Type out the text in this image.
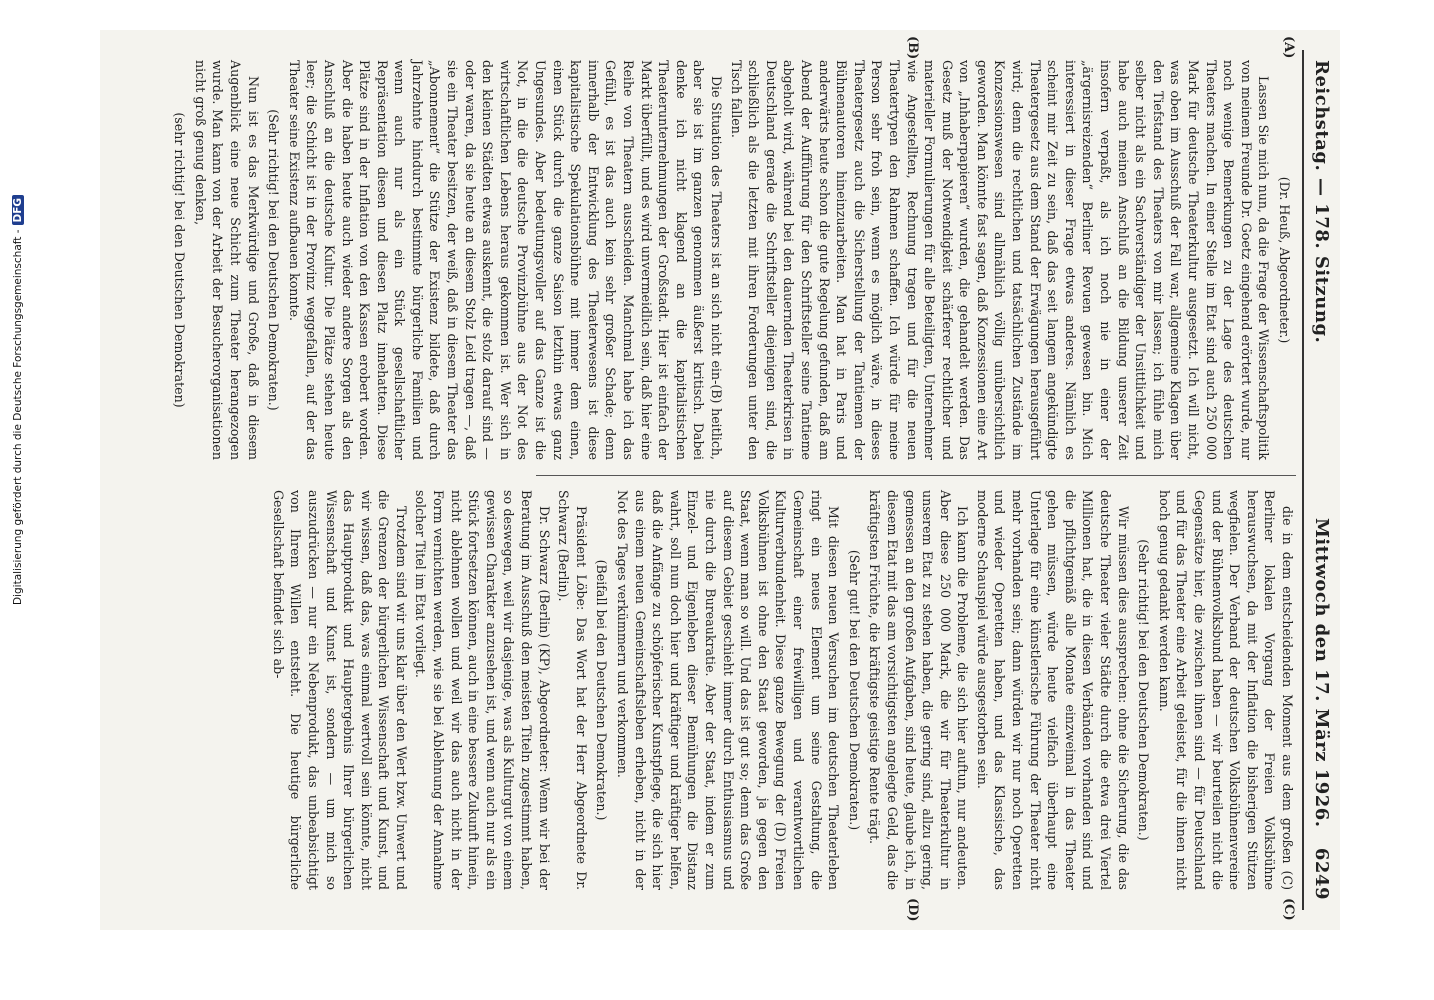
Reichstag. — 178. Sitzung.
Mittwoch den 17. März 1926.   6249

(Dr. Heuß, Abgeordneter.)

Lassen Sie mich nun, da die Frage der Wissenschaftspolitik von meinem Freunde Dr. Goetz eingehend erörtert wurde, nur noch wenige Bemerkungen zu der Lage des deutschen Theaters machen. In einer Stelle im Etat sind auch 250 000 Mark für deutsche Theaterkultur ausgesetzt. Ich will nicht, was oben im Ausschuß der Fall war, allgemeine Klagen über den Tiefstand des Theaters von mir lassen; ich fühle mich selber nicht als ein Sachverständiger der Unsittlichkeit und habe auch meinen Anschluß an die Bildung unserer Zeit insofern verpaßt, als ich noch nie in einer der „ärgernisreizenden“ Berliner Revuen gewesen bin. Mich interessiert in dieser Frage etwas anderes. Nämlich es scheint mir Zeit zu sein, daß das seit langem angekündigte Theatergesetz aus dem Stand der Erwägungen herausgeführt wird; denn die rechtlichen und tatsächlichen Zustände im Konzessionswesen sind allmählich völlig unübersichtlich geworden. Man könnte fast sagen, daß Konzessionen eine Art von „Inhaberpapieren“ wurden, die gehandelt werden. Das Gesetz muß der Notwendigkeit schärferer rechtlicher und materieller Formulierungen für alle Beteiligten, Unternehmer wie Angestellten, Rechnung tragen und für die neuen Theatertypen den Rahmen schaffen. Ich würde für meine Person sehr froh sein, wenn es möglich wäre, in dieses Theatergesetz auch die Sicherstellung der Tantiemen der Bühnenautoren hineinzuarbeiten. Man hat in Paris und anderwärts heute schon die gute Regelung gefunden, daß am Abend der Aufführung für den Schriftsteller seine Tantieme abgeholt wird, während bei den dauernden Theaterkrisen in Deutschland gerade die Schriftsteller diejenigen sind, die schließlich als die letzten mit ihren Forderungen unter den Tisch fallen.

Die Situation des Theaters ist an sich nicht ein-(B) heitlich, aber sie ist im ganzen genommen äußerst kritisch. Dabei denke ich nicht klagend an die kapitalistischen Theaterunternehmungen der Großstadt. Hier ist einfach der Markt überfüllt, und es wird unvermeidlich sein, daß hier eine Reihe von Theatern ausscheiden. Manchmal habe ich das Gefühl, es ist das auch kein sehr großer Schade; denn innerhalb der Entwicklung des Theaterwesens ist diese kapitalistische Spekulationsbühne mit immer dem einen, einen Stück durch die ganze Saison letzthin etwas ganz Ungesundes. Aber bedeutungsvoller auf das Ganze ist die Not, in die die deutsche Provinzbühne aus der Not des wirtschaftlichen Lebens heraus gekommen ist. Wer sich in den kleinen Städten etwas auskennt, die stolz darauf sind — oder waren, da sie heute an diesem Stolz Leid tragen —, daß sie ein Theater besitzen, der weiß, daß in diesem Theater das „Abonnement“ die Stütze der Existenz bildete, daß durch Jahrzehnte hindurch bestimmte bürgerliche Familien und wenn auch nur als ein Stück gesellschaftlicher Repräsentation diesen und diesen Platz innehatten. Diese Plätze sind in der Inflation von den Kassen erobert worden. Aber die haben heute auch wieder andere Sorgen als den Anschluß an die deutsche Kultur. Die Plätze stehen heute leer; die Schicht ist in der Provinz weggefallen, auf der das Theater seine Existenz aufbauen konnte.

(Sehr richtig! bei den Deutschen Demokraten.)

Nun ist es das Merkwürdige und Große, daß in diesem Augenblick eine neue Schicht zum Theater herangezogen wurde. Man kann von der Arbeit der Besucherorganisationen nicht groß genug denken,

(sehr richtig! bei den Deutschen Demokraten)

die in dem entscheidenden Moment aus dem großen (C) Berliner lokalen Vorgang der Freien Volksbühne herauswuchsen, da mit der Inflation die bisherigen Stützen wegfielen. Der Verband der deutschen Volksbühnenvereine und der Bühnenvolksbund haben — wir beurteilen nicht die Gegensätze hier, die zwischen ihnen sind — für Deutschland und für das Theater eine Arbeit geleistet, für die ihnen nicht hoch genug gedankt werden kann.

(Sehr richtig! bei den Deutschen Demokraten.)

Wir müssen dies aussprechen: ohne die Sicherung, die das deutsche Theater vieler Städte durch die etwa drei Viertel Millionen hat, die in diesen Verbänden vorhanden sind und die pflichtgemäß alle Monate einzweimal in das Theater gehen müssen, würde heute vielfach überhaupt eine Unterlage für eine künstlerische Führung der Theater nicht mehr vorhanden sein; dann würden wir nur noch Operetten und wieder Operetten haben, und das Klassische, das moderne Schauspiel würde ausgestorben sein.

Ich kann die Probleme, die sich hier auftun, nur andeuten. Aber diese 250 000 Mark, die wir für Theaterkultur in unserem Etat zu stehen haben, die gering sind, allzu gering, gemessen an den großen Aufgaben, sind heute, glaube ich, in diesem Etat mit das am vorsichtigsten angelegte Geld, das die kräftigsten Früchte, die kräftigste geistige Rente trägt.

(Sehr gut! bei den Deutschen Demokraten.)

Mit diesen neuen Versuchen im deutschen Theaterleben ringt ein neues Element um seine Gestaltung, die Gemeinschaft einer freiwilligen und verantwortlichen Kulturverbundenheit. Diese ganze Bewegung der (D) Freien Volksbühnen ist ohne den Staat geworden, ja gegen den Staat, wenn man so will. Und das ist gut so; denn das Große auf diesem Gebiet geschieht immer durch Enthusiasmus und nie durch die Bureaukratie. Aber der Staat, indem er zum Einzel- und Eigenleben dieser Bemühungen die Distanz wahrt, soll nun doch hier und kräftiger und kräftiger helfen, daß die Anfänge zu schöpferischer Kunstpflege, die sich hier aus einem neuen Gemeinschaftsleben erheben, nicht in der Not des Tages verkümmern und verkommen.

(Beifall bei den Deutschen Demokraten.)

Präsident Löbe: Das Wort hat der Herr Abgeordnete Dr. Schwarz (Berlin).

Dr. Schwarz (Berlin) (KP), Abgeordneter: Wenn wir bei der Beratung im Ausschuß den meisten Titeln zugestimmt haben, so deswegen, weil wir dasjenige, was als Kulturgut von einem gewissen Charakter anzusehen ist, und wenn auch nur als ein Stück fortsetzen können, auch in eine bessere Zukunft hinein, nicht ablehnen wollen und weil wir das auch nicht in der Form vernichten werden, wie sie bei Ablehnung der Annahme solcher Titel im Etat vorliegt.

Trotzdem sind wir uns klar über den Wert bzw. Unwert und die Grenzen der bürgerlichen Wissenschaft und Kunst, und wir wissen, daß das, was einmal wertvoll sein könnte, nicht das Hauptprodukt und Hauptergebnis Ihrer bürgerlichen Wissenschaft und Kunst ist, sondern — um mich so auszudrücken — nur ein Nebenprodukt, das unbeabsichtigt von Ihrem Willen entsteht. Die heutige bürgerliche Gesellschaft befindet sich ab-

(A)
(B)
(C)
(D)
Digitalisierung gefördert durch die Deutsche Forschungsgemeinschaft -DFG
